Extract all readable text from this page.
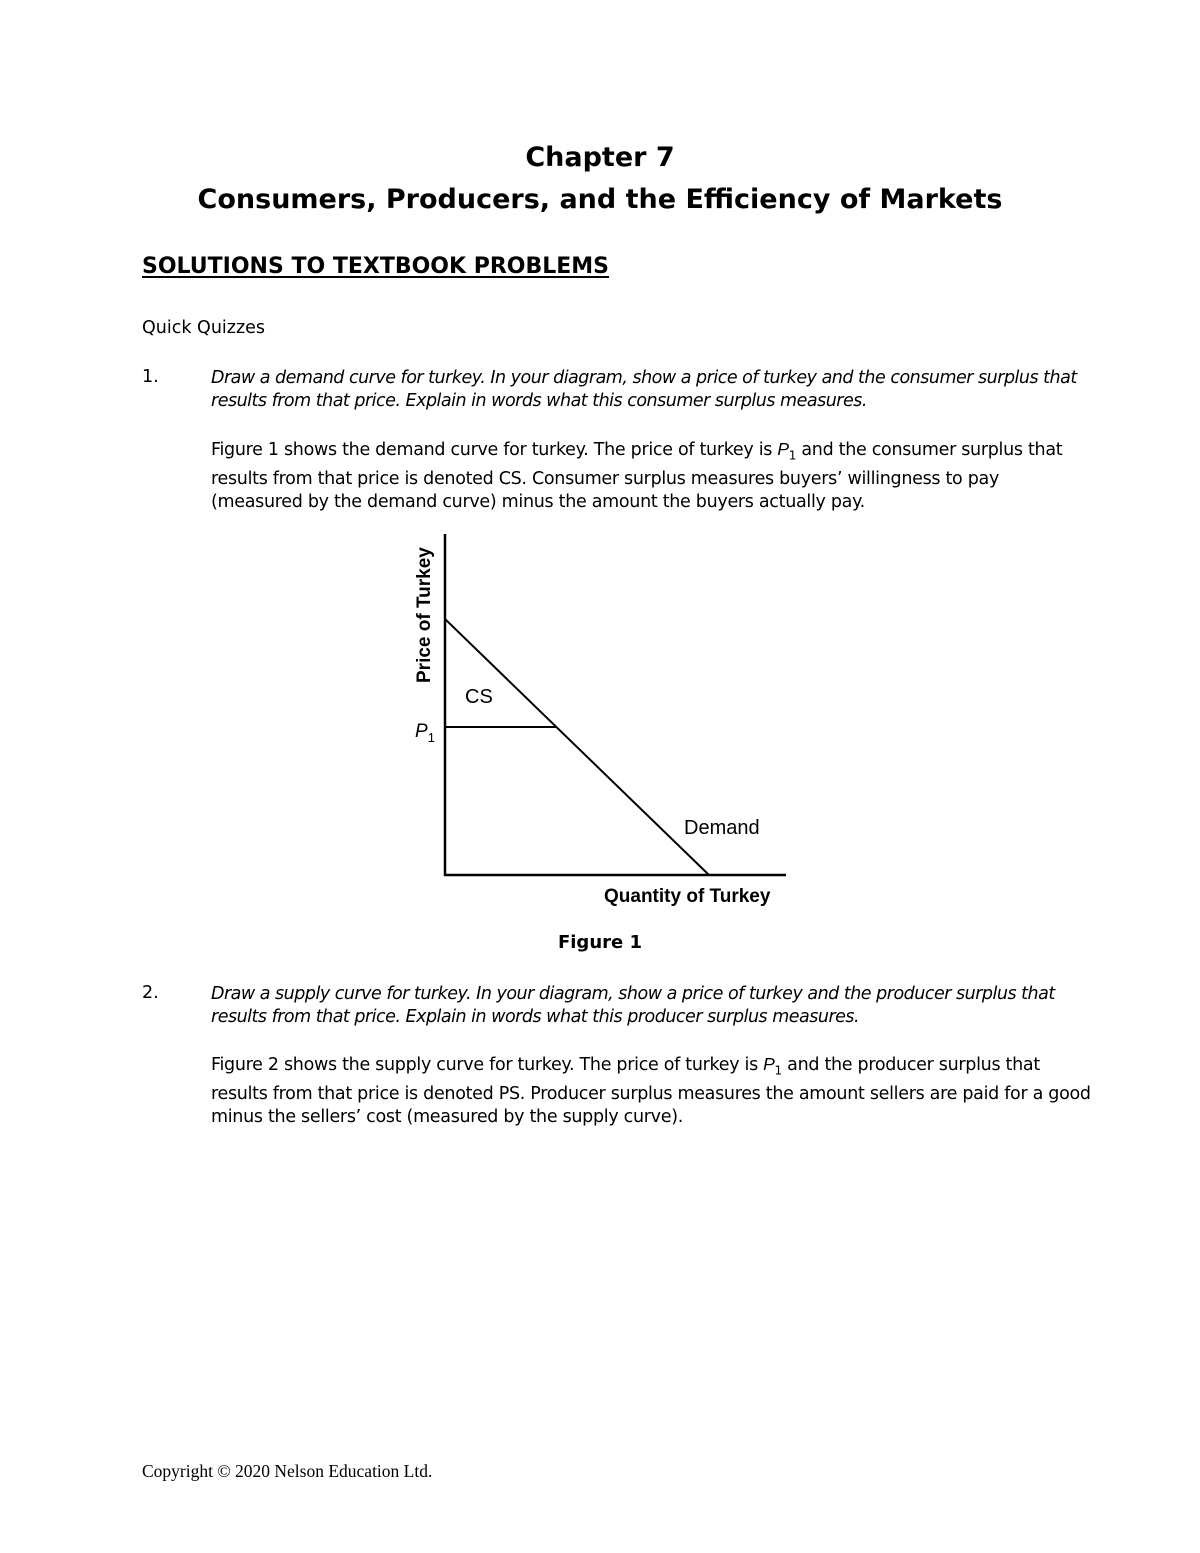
Chapter 7
Consumers, Producers, and the Efficiency of Markets
SOLUTIONS TO TEXTBOOK PROBLEMS

Quick Quizzes

1.	Draw a demand curve for turkey. In your diagram, show a price of turkey and the consumer surplus that results from that price. Explain in words what this consumer surplus measures.

Figure 1 shows the demand curve for turkey. The price of turkey is $P_1$ and the consumer surplus that results from that price is denoted CS. Consumer surplus measures buyers’ willingness to pay (measured by the demand curve) minus the amount the buyers actually pay.

Price of Turkey
Quantity of Turkey
$P_1$
CS
Demand

Figure 1

2.	Draw a supply curve for turkey. In your diagram, show a price of turkey and the producer surplus that results from that price. Explain in words what this producer surplus measures.

Figure 2 shows the supply curve for turkey. The price of turkey is $P_1$ and the producer surplus that results from that price is denoted PS. Producer surplus measures the amount sellers are paid for a good minus the sellers’ cost (measured by the supply curve).

Copyright © 2020 Nelson Education Ltd.
